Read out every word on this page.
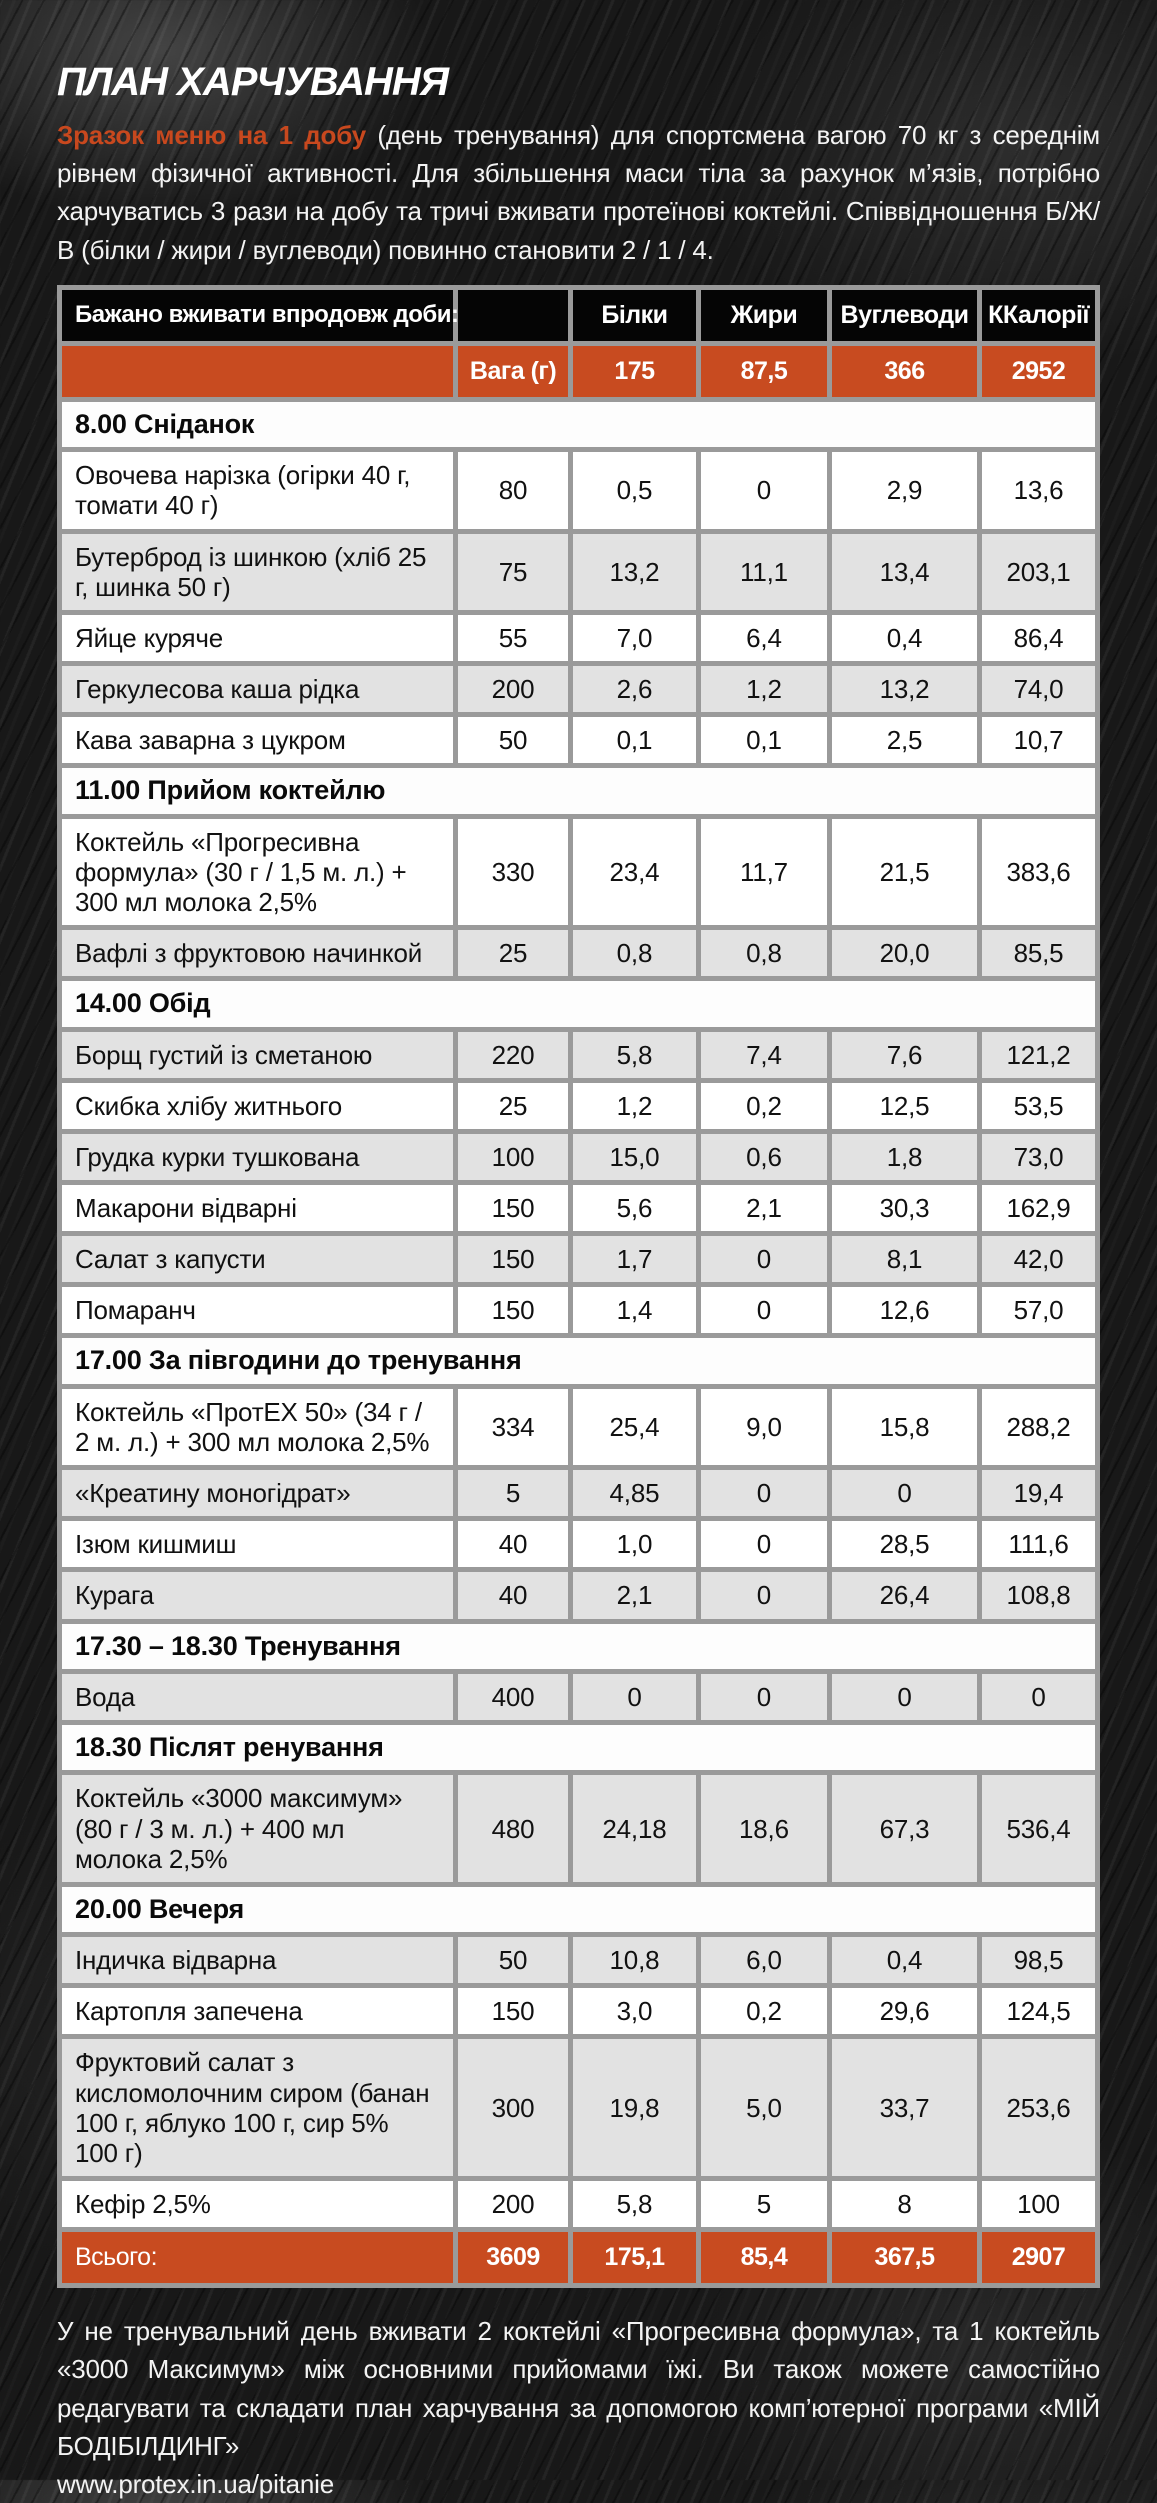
ПЛАН ХАРЧУВАННЯ

Зразок меню на 1 добу (день тренування) для спортсмена вагою 70 кг з середнім рівнем фізичної активності. Для збільшення маси тіла за рахунок м’язів, потрібно харчуватись 3 рази на добу та тричі вживати протеїнові коктейлі. Співвідношення Б/Ж/В (білки / жири / вуглеводи) повинно становити 2 / 1 / 4.

Бажано вживати впродовж доби:		Білки	Жири	Вуглеводи	ККалорії
	Вага (г)	175	87,5	366	2952
8.00 Сніданок					
Овочева нарізка (огірки 40 г, томати 40 г)	80	0,5	0	2,9	13,6
Бутерброд із шинкою (хліб 25 г, шинка 50 г)	75	13,2	11,1	13,4	203,1
Яйце куряче	55	7,0	6,4	0,4	86,4
Геркулесова каша рідка	200	2,6	1,2	13,2	74,0
Кава заварна з цукром	50	0,1	0,1	2,5	10,7
11.00 Прийом коктейлю					
Коктейль «Прогресивна формула» (30 г / 1,5 м. л.) + 300 мл молока 2,5%	330	23,4	11,7	21,5	383,6
Вафлі з фруктовою начинкой	25	0,8	0,8	20,0	85,5
14.00 Обід					
Борщ густий із сметаною	220	5,8	7,4	7,6	121,2
Скибка хлібу житнього	25	1,2	0,2	12,5	53,5
Грудка курки тушкована	100	15,0	0,6	1,8	73,0
Макарони відварні	150	5,6	2,1	30,3	162,9
Салат з капусти	150	1,7	0	8,1	42,0
Помаранч	150	1,4	0	12,6	57,0
17.00 За півгодини до тренування					
Коктейль «ПротЕХ 50» (34 г / 2 м. л.) + 300 мл молока 2,5%	334	25,4	9,0	15,8	288,2
«Креатину моногідрат»	5	4,85	0	0	19,4
Ізюм кишмиш	40	1,0	0	28,5	111,6
Курага	40	2,1	0	26,4	108,8
17.30 – 18.30 Тренування					
Вода	400	0	0	0	0
18.30 Післят ренування					
Коктейль «3000 максимум» (80 г / 3 м. л.) + 400 мл молока 2,5%	480	24,18	18,6	67,3	536,4
20.00 Вечеря					
Індичка відварна	50	10,8	6,0	0,4	98,5
Картопля запечена	150	3,0	0,2	29,6	124,5
Фруктовий салат з кисломолочним сиром (банан 100 г, яблуко 100 г, сир 5% 100 г)	300	19,8	5,0	33,7	253,6
Кефір 2,5%	200	5,8	5	8	100
Всього:	3609	175,1	85,4	367,5	2907

У не тренувальний день вживати 2 коктейлі «Прогресивна формула», та 1 коктейль «3000 Максимум» між основними прийомами їжі. Ви також можете самостійно редагувати та складати план харчування за допомогою комп’ютерної програми «МІЙ БОДІБІЛДИНГ»

www.protex.in.ua/pitanie
